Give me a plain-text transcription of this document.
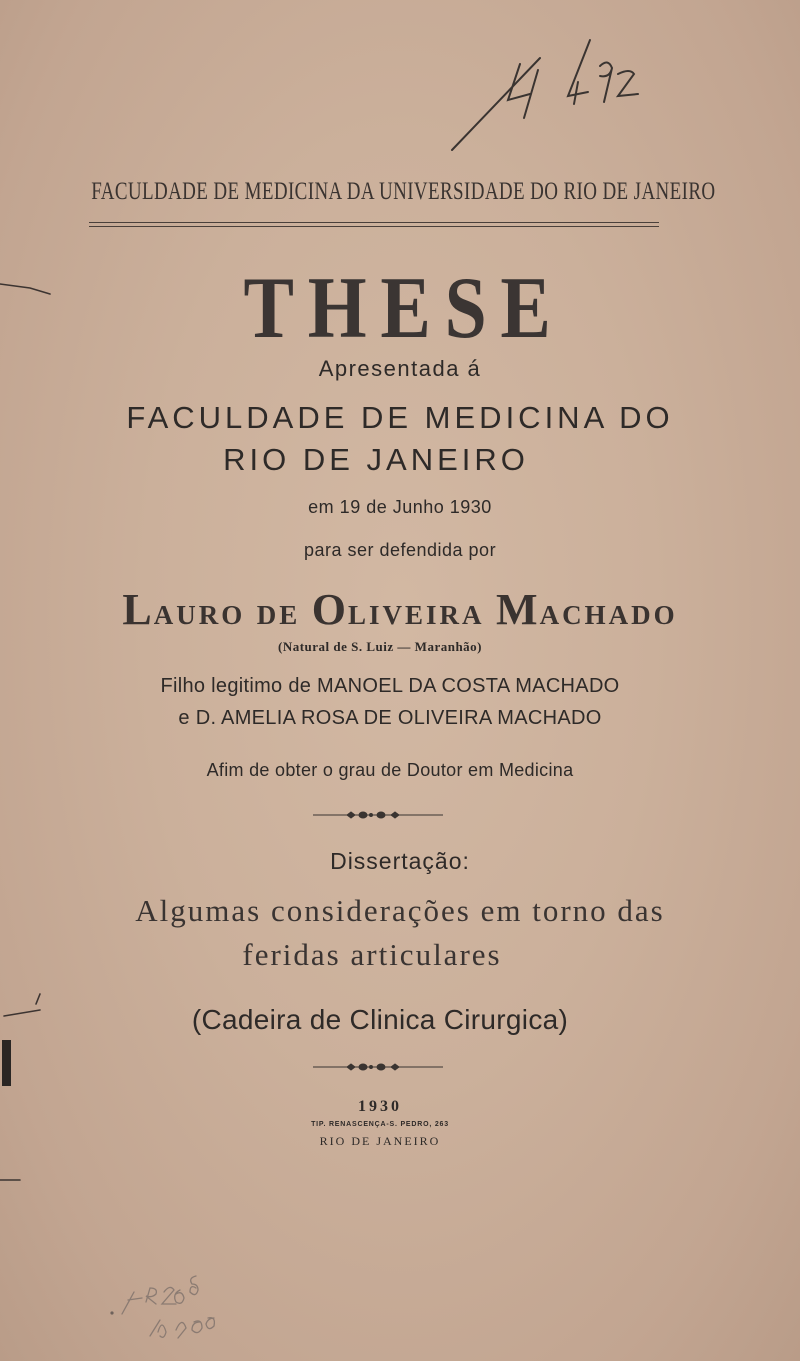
FACULDADE DE MEDICINA DA UNIVERSIDADE DO RIO DE JANEIRO
THESE
Apresentada á
FACULDADE DE MEDICINA DO
RIO DE JANEIRO
em 19 de Junho 1930
para ser defendida por
LAURO DE OLIVEIRA MACHADO
(Natural de S. Luiz — Maranhão)
Filho legitimo de MANOEL DA COSTA MACHADO
e D. AMELIA ROSA DE OLIVEIRA MACHADO
Afim de obter o grau de Doutor em Medicina
Dissertação:
Algumas considerações em torno das
feridas articulares
(Cadeira de Clinica Cirurgica)
1930
TIP. RENASCENÇA-S. PEDRO, 263
RIO DE JANEIRO
